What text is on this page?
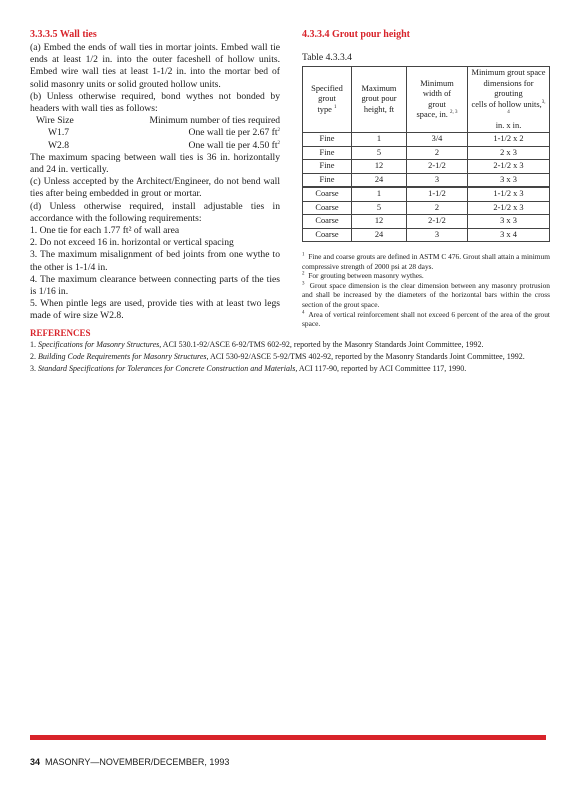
3.3.3.5 Wall ties

(a) Embed the ends of wall ties in mortar joints. Embed wall tie ends at least 1/2 in. into the outer faceshell of hollow units. Embed wire wall ties at least 1-1/2 in. into the mortar bed of solid masonry units or solid grouted hollow units.

(b) Unless otherwise required, bond wythes not bonded by headers with wall ties as follows:

Wire Size	Minimum number of ties required
W1.7	One wall tie per 2.67 $ft^2$
W2.8	One wall tie per 4.50 $ft^2$

The maximum spacing between wall ties is 36 in. horizontally and 24 in. vertically.

(c) Unless accepted by the Architect/Engineer, do not bend wall ties after being embedded in grout or mortar.

(d) Unless otherwise required, install adjustable ties in accordance with the following requirements:

1. One tie for each 1.77 ft² of wall area

2. Do not exceed 16 in. horizontal or vertical spacing

3. The maximum misalignment of bed joints from one wythe to the other is 1-1/4 in.

4. The maximum clearance between connecting parts of the ties is 1/16 in.

5. When pintle legs are used, provide ties with at least two legs made of wire size W2.8.

4.3.3.4 Grout pour height
Table 4.3.3.4
Specified
grout
type $^1$	Maximum
grout pour
height, ft	Minimum
width of
grout
space, in. $^{2, 3}$	Minimum grout space
dimensions for grouting
cells of hollow units,$^{3, 4}$
in. x in.
Fine	1	3/4	1-1/2 x 2
Fine	5	2	2 x 3
Fine	12	2-1/2	2-1/2 x 3
Fine	24	3	3 x 3
Coarse	1	1-1/2	1-1/2 x 3
Coarse	5	2	2-1/2 x 3
Coarse	12	2-1/2	3 x 3
Coarse	24	3	3 x 4

$^1$ Fine and coarse grouts are defined in ASTM C 476. Grout shall attain a minimum compressive strength of 2000 psi at 28 days.

$^2$ For grouting between masonry wythes.

$^3$ Grout space dimension is the clear dimension between any masonry protrusion and shall be increased by the diameters of the horizontal bars within the cross section of the grout space.

$^4$ Area of vertical reinforcement shall not exceed 6 percent of the area of the grout space.

REFERENCES

1. Specifications for Masonry Structures, ACI 530.1-92/ASCE 6-92/TMS 602-92, reported by the Masonry Standards Joint Committee, 1992.

2. Building Code Requirements for Masonry Structures, ACI 530-92/ASCE 5-92/TMS 402-92, reported by the Masonry Standards Joint Committee, 1992.

3. Standard Specifications for Tolerances for Concrete Construction and Materials, ACI 117-90, reported by ACI Committee 117, 1990.

34 MASONRY—NOVEMBER/DECEMBER, 1993
